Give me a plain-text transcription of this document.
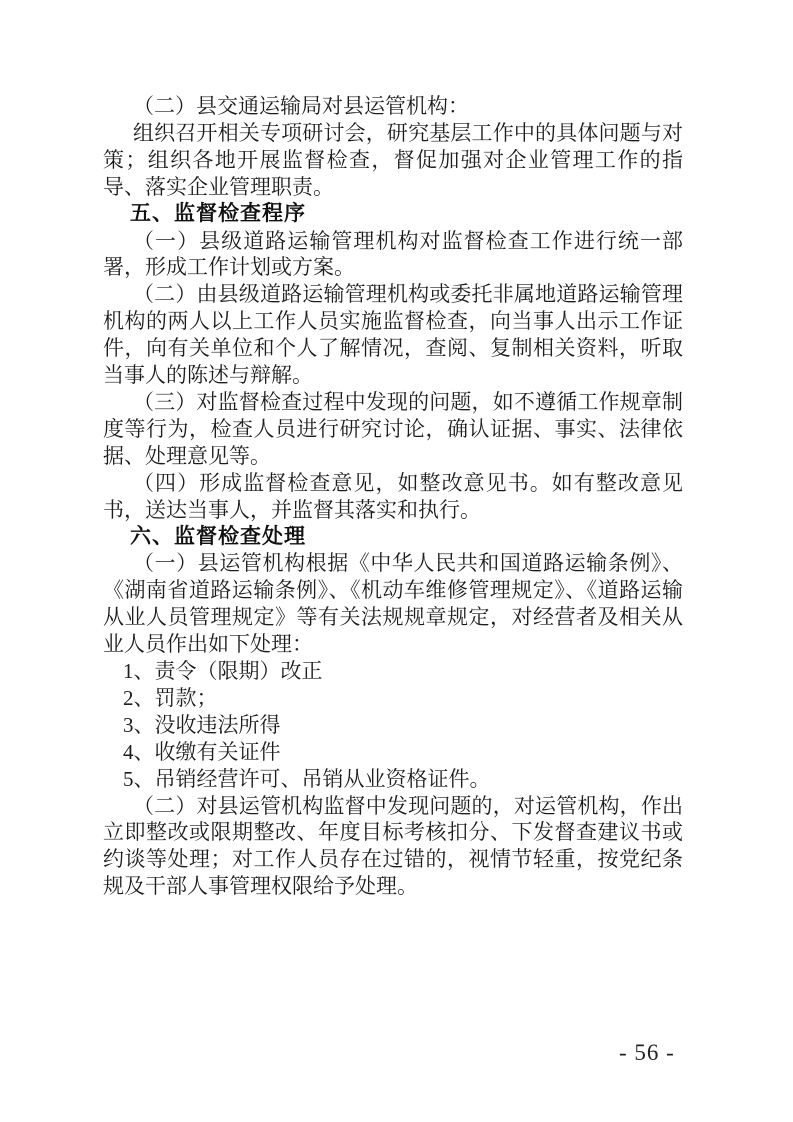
（二）县交通运输局对县运管机构：

组织召开相关专项研讨会，研究基层工作中的具体问题与对策；组织各地开展监督检查，督促加强对企业管理工作的指导、落实企业管理职责。

五、监督检查程序

（一）县级道路运输管理机构对监督检查工作进行统一部署，形成工作计划或方案。

（二）由县级道路运输管理机构或委托非属地道路运输管理机构的两人以上工作人员实施监督检查，向当事人出示工作证件，向有关单位和个人了解情况，查阅、复制相关资料，听取当事人的陈述与辩解。

（三）对监督检查过程中发现的问题，如不遵循工作规章制度等行为，检查人员进行研究讨论，确认证据、事实、法律依据、处理意见等。

（四）形成监督检查意见，如整改意见书。如有整改意见书，送达当事人，并监督其落实和执行。

六、监督检查处理

（一）县运管机构根据《中华人民共和国道路运输条例》、《湖南省道路运输条例》、《机动车维修管理规定》、《道路运输从业人员管理规定》等有关法规规章规定，对经营者及相关从业人员作出如下处理：

1、责令（限期）改正

2、罚款；

3、没收违法所得

4、收缴有关证件

5、吊销经营许可、吊销从业资格证件。

（二）对县运管机构监督中发现问题的，对运管机构，作出立即整改或限期整改、年度目标考核扣分、下发督查建议书或约谈等处理；对工作人员存在过错的，视情节轻重，按党纪条规及干部人事管理权限给予处理。

- 56 -
